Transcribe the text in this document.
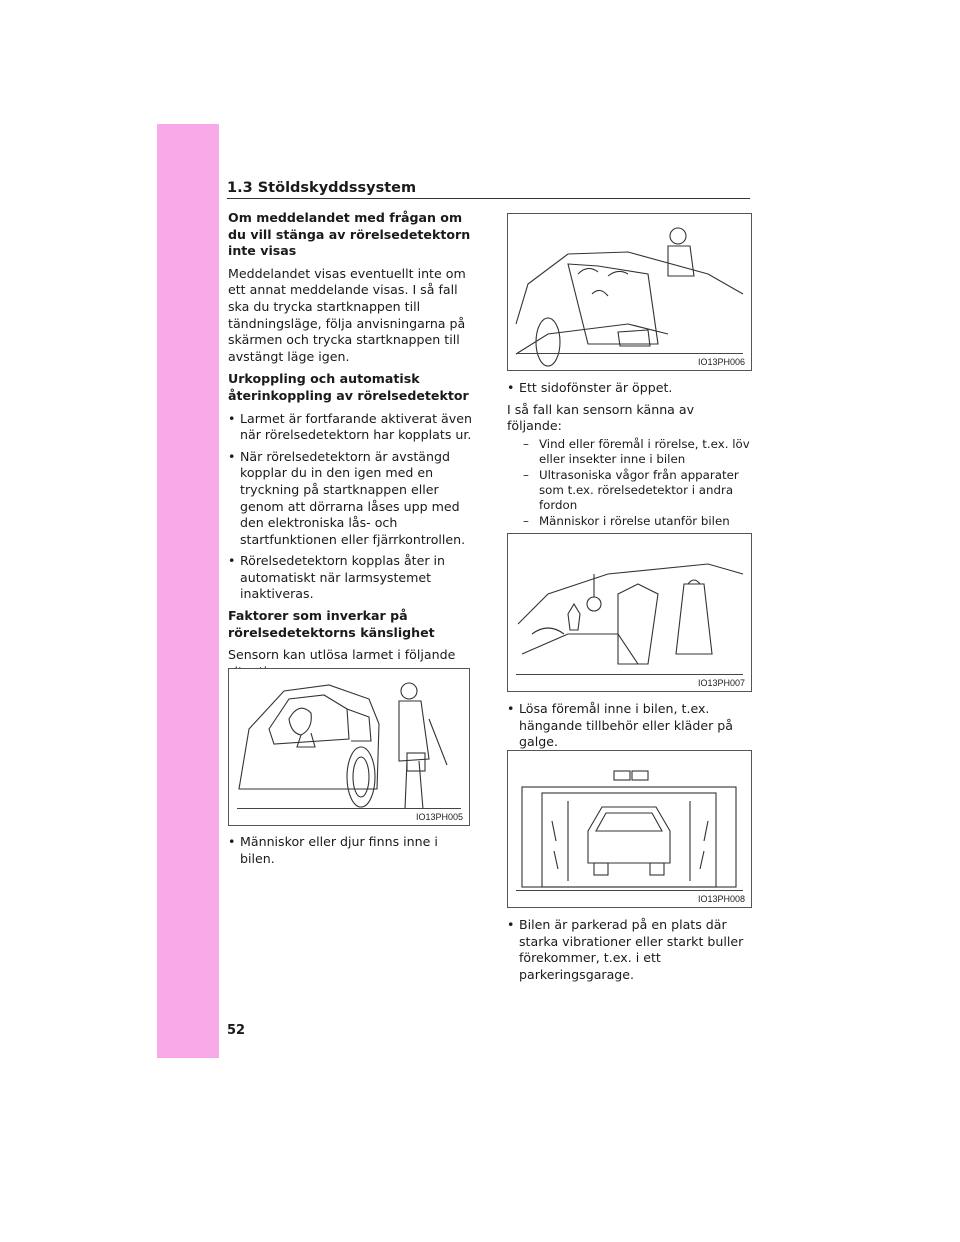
1.3 Stöldskyddssystem
Om meddelandet med frågan om du vill stänga av rörelsedetektorn inte visas

Meddelandet visas eventuellt inte om ett annat meddelande visas. I så fall ska du trycka startknappen till tändningsläge, följa anvisningarna på skärmen och trycka startknappen till avstängt läge igen.

Urkoppling och automatisk återinkoppling av rörelsedetektor
• Larmet är fortfarande aktiverat även när rörelsedetektorn har kopplats ur.
• När rörelsedetektorn är avstängd kopplar du in den igen med en tryckning på startknappen eller genom att dörrarna låses upp med den elektroniska lås- och startfunktionen eller fjärrkontrollen.
• Rörelsedetektorn kopplas åter in automatiskt när larmsystemet inaktiveras.
Faktorer som inverkar på rörelsedetektorns känslighet

Sensorn kan utlösa larmet i följande

IO13PH005
• Människor eller djur finns inne i bilen.
IO13PH006
• Ett sidofönster är öppet.

I så fall kan sensorn känna av följande:

– Vind eller föremål i rörelse, t.ex. löv eller insekter inne i bilen
– Ultrasoniska vågor från apparater som t.ex. rörelsedetektor i andra fordon
– Människor i rörelse utanför bilen
IO13PH007
• Lösa föremål inne i bilen, t.ex. hängande tillbehör eller kläder på galge.
IO13PH008
• Bilen är parkerad på en plats där starka vibrationer eller starkt buller förekommer, t.ex. i ett parkeringsgarage.
52
